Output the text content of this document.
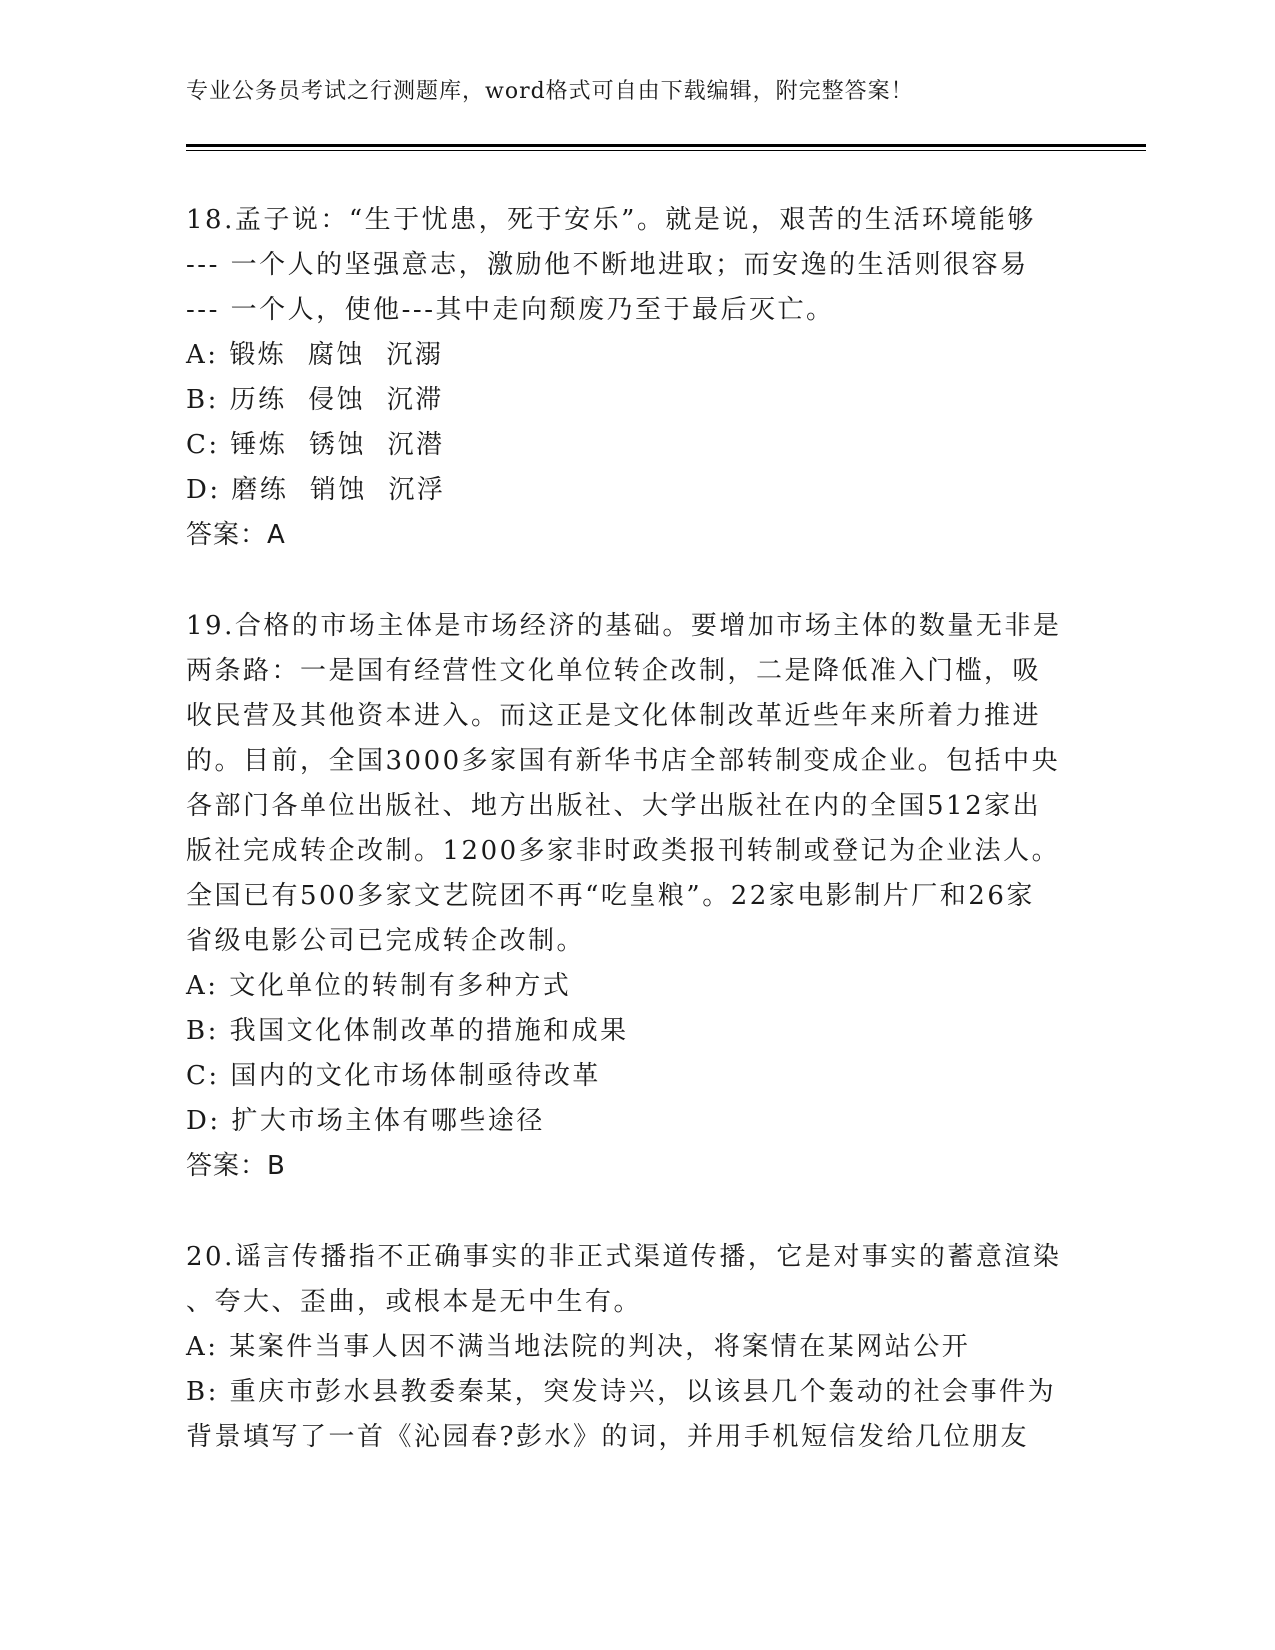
专业公务员考试之行测题库，word格式可自由下载编辑，附完整答案！
18.孟子说：“生于忧患，死于安乐”。就是说，艰苦的生活环境能够
--- 一个人的坚强意志，激励他不断地进取；而安逸的生活则很容易
--- 一个人，使他---其中走向颓废乃至于最后灭亡。
A: 锻炼  腐蚀  沉溺
B: 历练  侵蚀  沉滞
C: 锤炼  锈蚀  沉潜
D: 磨练  销蚀  沉浮
答案：A
19.合格的市场主体是市场经济的基础。要增加市场主体的数量无非是
两条路：一是国有经营性文化单位转企改制，二是降低准入门槛，吸
收民营及其他资本进入。而这正是文化体制改革近些年来所着力推进
的。目前，全国3000多家国有新华书店全部转制变成企业。包括中央
各部门各单位出版社、地方出版社、大学出版社在内的全国512家出
版社完成转企改制。1200多家非时政类报刊转制或登记为企业法人。
全国已有500多家文艺院团不再“吃皇粮”。22家电影制片厂和26家
省级电影公司已完成转企改制。
A: 文化单位的转制有多种方式
B: 我国文化体制改革的措施和成果
C: 国内的文化市场体制亟待改革
D: 扩大市场主体有哪些途径
答案：B
20.谣言传播指不正确事实的非正式渠道传播，它是对事实的蓄意渲染
、夸大、歪曲，或根本是无中生有。
A: 某案件当事人因不满当地法院的判决，将案情在某网站公开
B: 重庆市彭水县教委秦某，突发诗兴，以该县几个轰动的社会事件为
背景填写了一首《沁园春?彭水》的词，并用手机短信发给几位朋友
